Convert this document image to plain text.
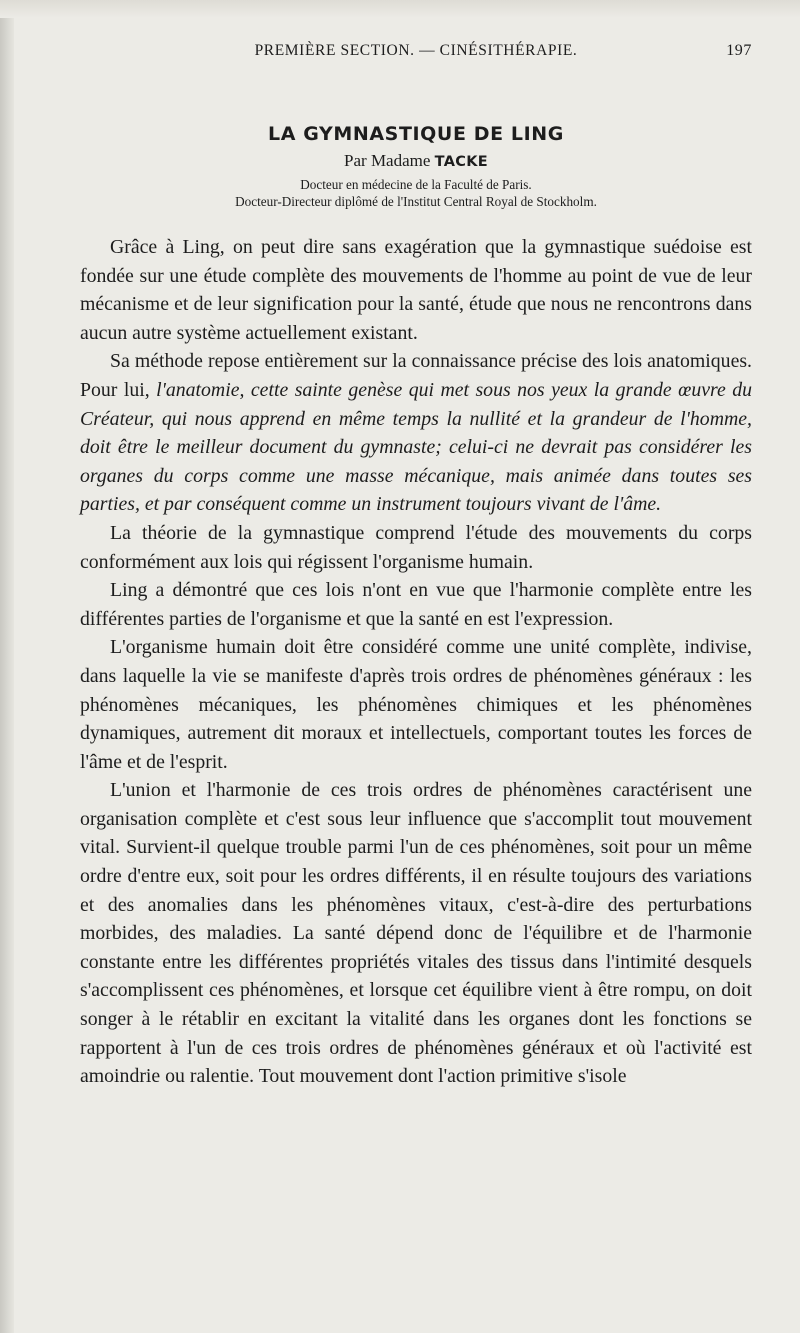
PREMIÈRE SECTION. — CINÉSITHÉRAPIE.	197
LA GYMNASTIQUE DE LING
Par Madame TACKE
Docteur en médecine de la Faculté de Paris.
Docteur-Directeur diplômé de l'Institut Central Royal de Stockholm.

Grâce à Ling, on peut dire sans exagération que la gymnastique suédoise est fondée sur une étude complète des mouvements de l'homme au point de vue de leur mécanisme et de leur signification pour la santé, étude que nous ne rencontrons dans aucun autre système actuellement existant.

Sa méthode repose entièrement sur la connaissance précise des lois anatomiques. Pour lui, l'anatomie, cette sainte genèse qui met sous nos yeux la grande œuvre du Créateur, qui nous apprend en même temps la nullité et la grandeur de l'homme, doit être le meilleur document du gymnaste; celui-ci ne devrait pas considérer les organes du corps comme une masse mécanique, mais animée dans toutes ses parties, et par conséquent comme un instrument toujours vivant de l'âme.

La théorie de la gymnastique comprend l'étude des mouvements du corps conformément aux lois qui régissent l'organisme humain.

Ling a démontré que ces lois n'ont en vue que l'harmonie complète entre les différentes parties de l'organisme et que la santé en est l'expression.

L'organisme humain doit être considéré comme une unité complète, indivise, dans laquelle la vie se manifeste d'après trois ordres de phénomènes généraux : les phénomènes mécaniques, les phénomènes chimiques et les phénomènes dynamiques, autrement dit moraux et intellectuels, comportant toutes les forces de l'âme et de l'esprit.

L'union et l'harmonie de ces trois ordres de phénomènes caractérisent une organisation complète et c'est sous leur influence que s'accomplit tout mouvement vital. Survient-il quelque trouble parmi l'un de ces phénomènes, soit pour un même ordre d'entre eux, soit pour les ordres différents, il en résulte toujours des variations et des anomalies dans les phénomènes vitaux, c'est-à-dire des perturbations morbides, des maladies. La santé dépend donc de l'équilibre et de l'harmonie constante entre les différentes propriétés vitales des tissus dans l'intimité desquels s'accomplissent ces phénomènes, et lorsque cet équilibre vient à être rompu, on doit songer à le rétablir en excitant la vitalité dans les organes dont les fonctions se rapportent à l'un de ces trois ordres de phénomènes généraux et où l'activité est amoindrie ou ralentie. Tout mouvement dont l'action primitive s'isole
